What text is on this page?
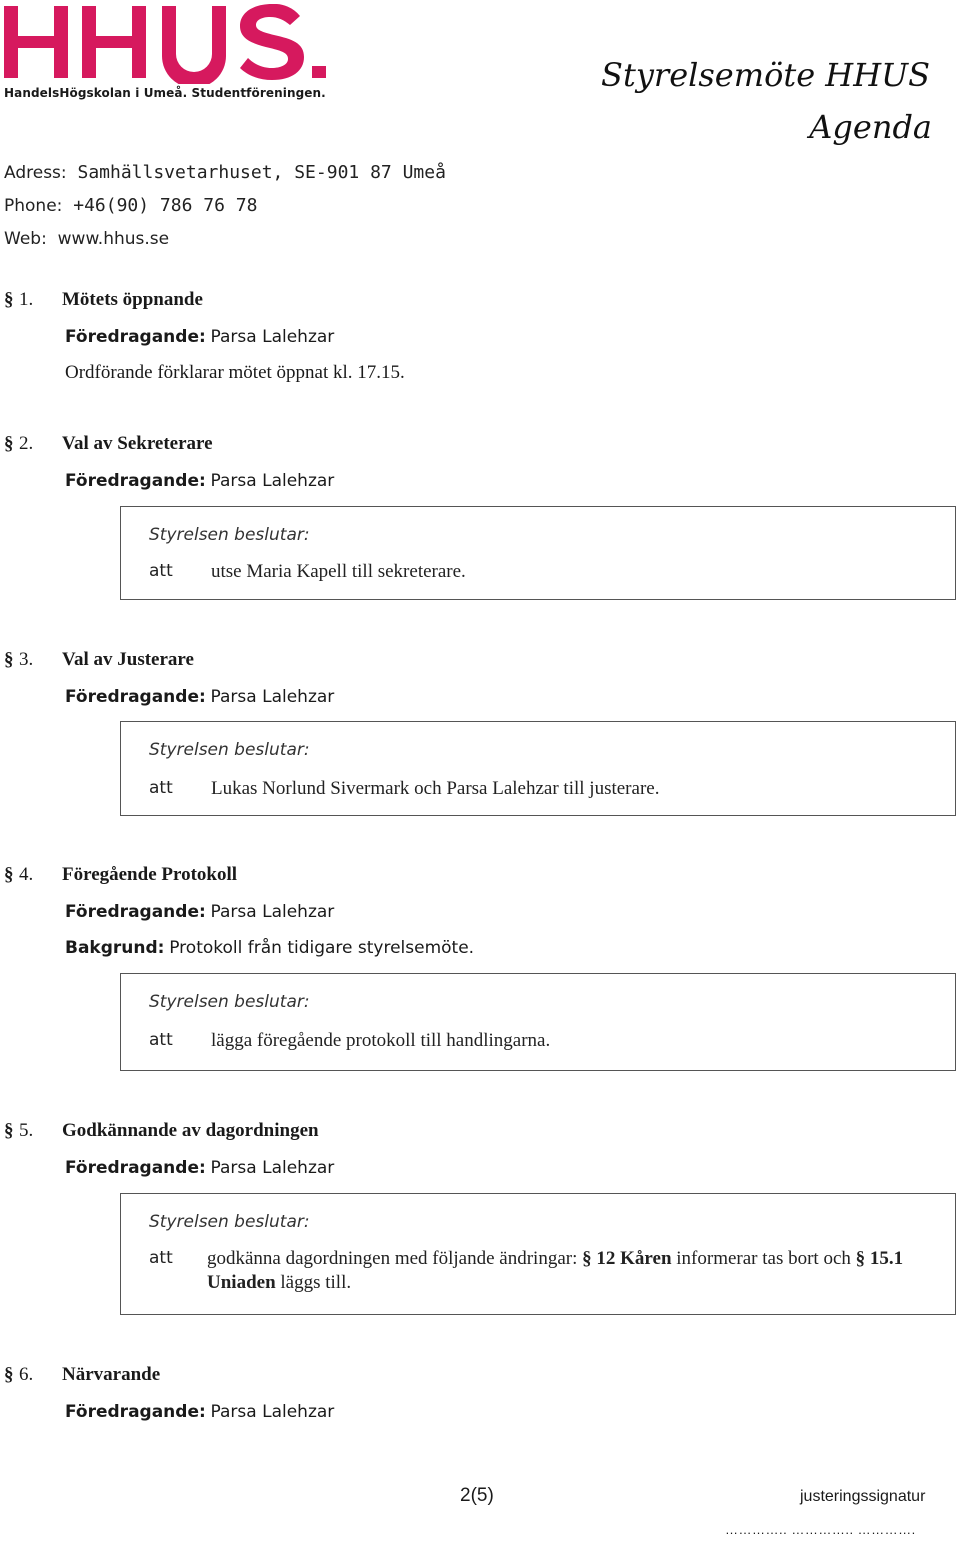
HandelsHögskolan i Umeå. Studentföreningen.	Styrelsemöte HHUS
Agenda
Adress: Samhällsvetarhuset, SE-901 87 Umeå
Phone: +46(90) 786 76 78
Web: www.hhus.se
§ 1. Mötets öppnande
Föredragande: Parsa Lalehzar
Ordförande förklarar mötet öppnat kl. 17.15.
§ 2. Val av Sekreterare
Föredragande: Parsa Lalehzar
Styrelsen beslutar:
att utse Maria Kapell till sekreterare.
§ 3. Val av Justerare
Föredragande: Parsa Lalehzar
Styrelsen beslutar:
att Lukas Norlund Sivermark och Parsa Lalehzar till justerare.
§ 4. Föregående Protokoll
Föredragande: Parsa Lalehzar
Bakgrund: Protokoll från tidigare styrelsemöte.
Styrelsen beslutar:
att lägga föregående protokoll till handlingarna.
§ 5. Godkännande av dagordningen
Föredragande: Parsa Lalehzar
Styrelsen beslutar:
att godkänna dagordningen med följande ändringar: § 12 Kåren informerar tas bort och § 15.1 Uniaden läggs till.
§ 6. Närvarande
Föredragande: Parsa Lalehzar
2(5)	justeringssignatur
………….. ………….. ………….
